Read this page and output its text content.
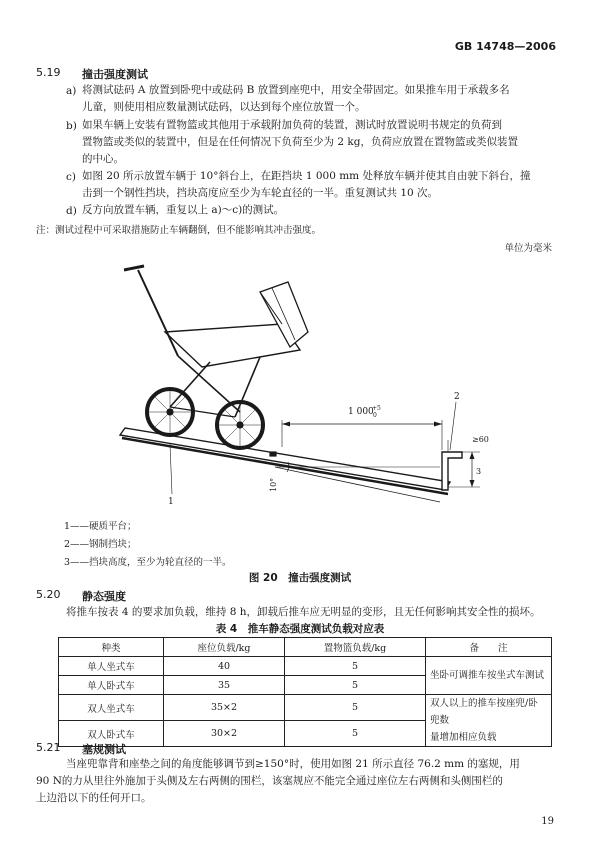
GB 14748—2006
5.19 撞击强度测试
a) 将测试砝码 A 放置到卧兜中或砝码 B 放置到座兜中，用安全带固定。如果推车用于承载多名
儿童，则使用相应数量测试砝码，以达到每个座位放置一个。
b) 如果车辆上安装有置物篮或其他用于承载附加负荷的装置，测试时放置说明书规定的负荷到
置物篮或类似的装置中，但是在任何情况下负荷至少为 2 kg，负荷应放置在置物篮或类似装置
的中心。
c) 如图 20 所示放置车辆于 10°斜台上，在距挡块 1 000 mm 处释放车辆并使其自由驶下斜台，撞
击到一个钢性挡块，挡块高度应至少为车轮直径的一半。重复测试共 10 次。
d) 反方向放置车辆，重复以上 a)～c)的测试。
注：测试过程中可采取措施防止车辆翻倒，但不能影响其冲击强度。
单位为毫米
1 000
+5
0
≥60
3
10°
1
2
1——硬质平台；
2——钢制挡块；
3——挡块高度，至少为轮直径的一半。
图 20　撞击强度测试
5.20 静态强度
将推车按表 4 的要求加负载，维持 8 h，卸载后推车应无明显的变形，且无任何影响其安全性的损坏。
表 4　推车静态强度测试负载对应表
种类	座位负载/kg	置物篮负载/kg	备　　注
单人坐式车	40	5	坐卧可调推车按坐式车测试
单人卧式车	35	5	
双人坐式车	35×2	5	双人以上的推车按座兜/卧兜数
量增加相应负载

双人卧式车	30×2	5	
5.21 塞规测试
当座兜靠背和座垫之间的角度能够调节到≥150°时，使用如图 21 所示直径 76.2 mm 的塞规，用
90 N的力从里往外施加于头侧及左右两侧的围栏，该塞规应不能完全通过座位左右两侧和头侧围栏的
上边沿以下的任何开口。
19
